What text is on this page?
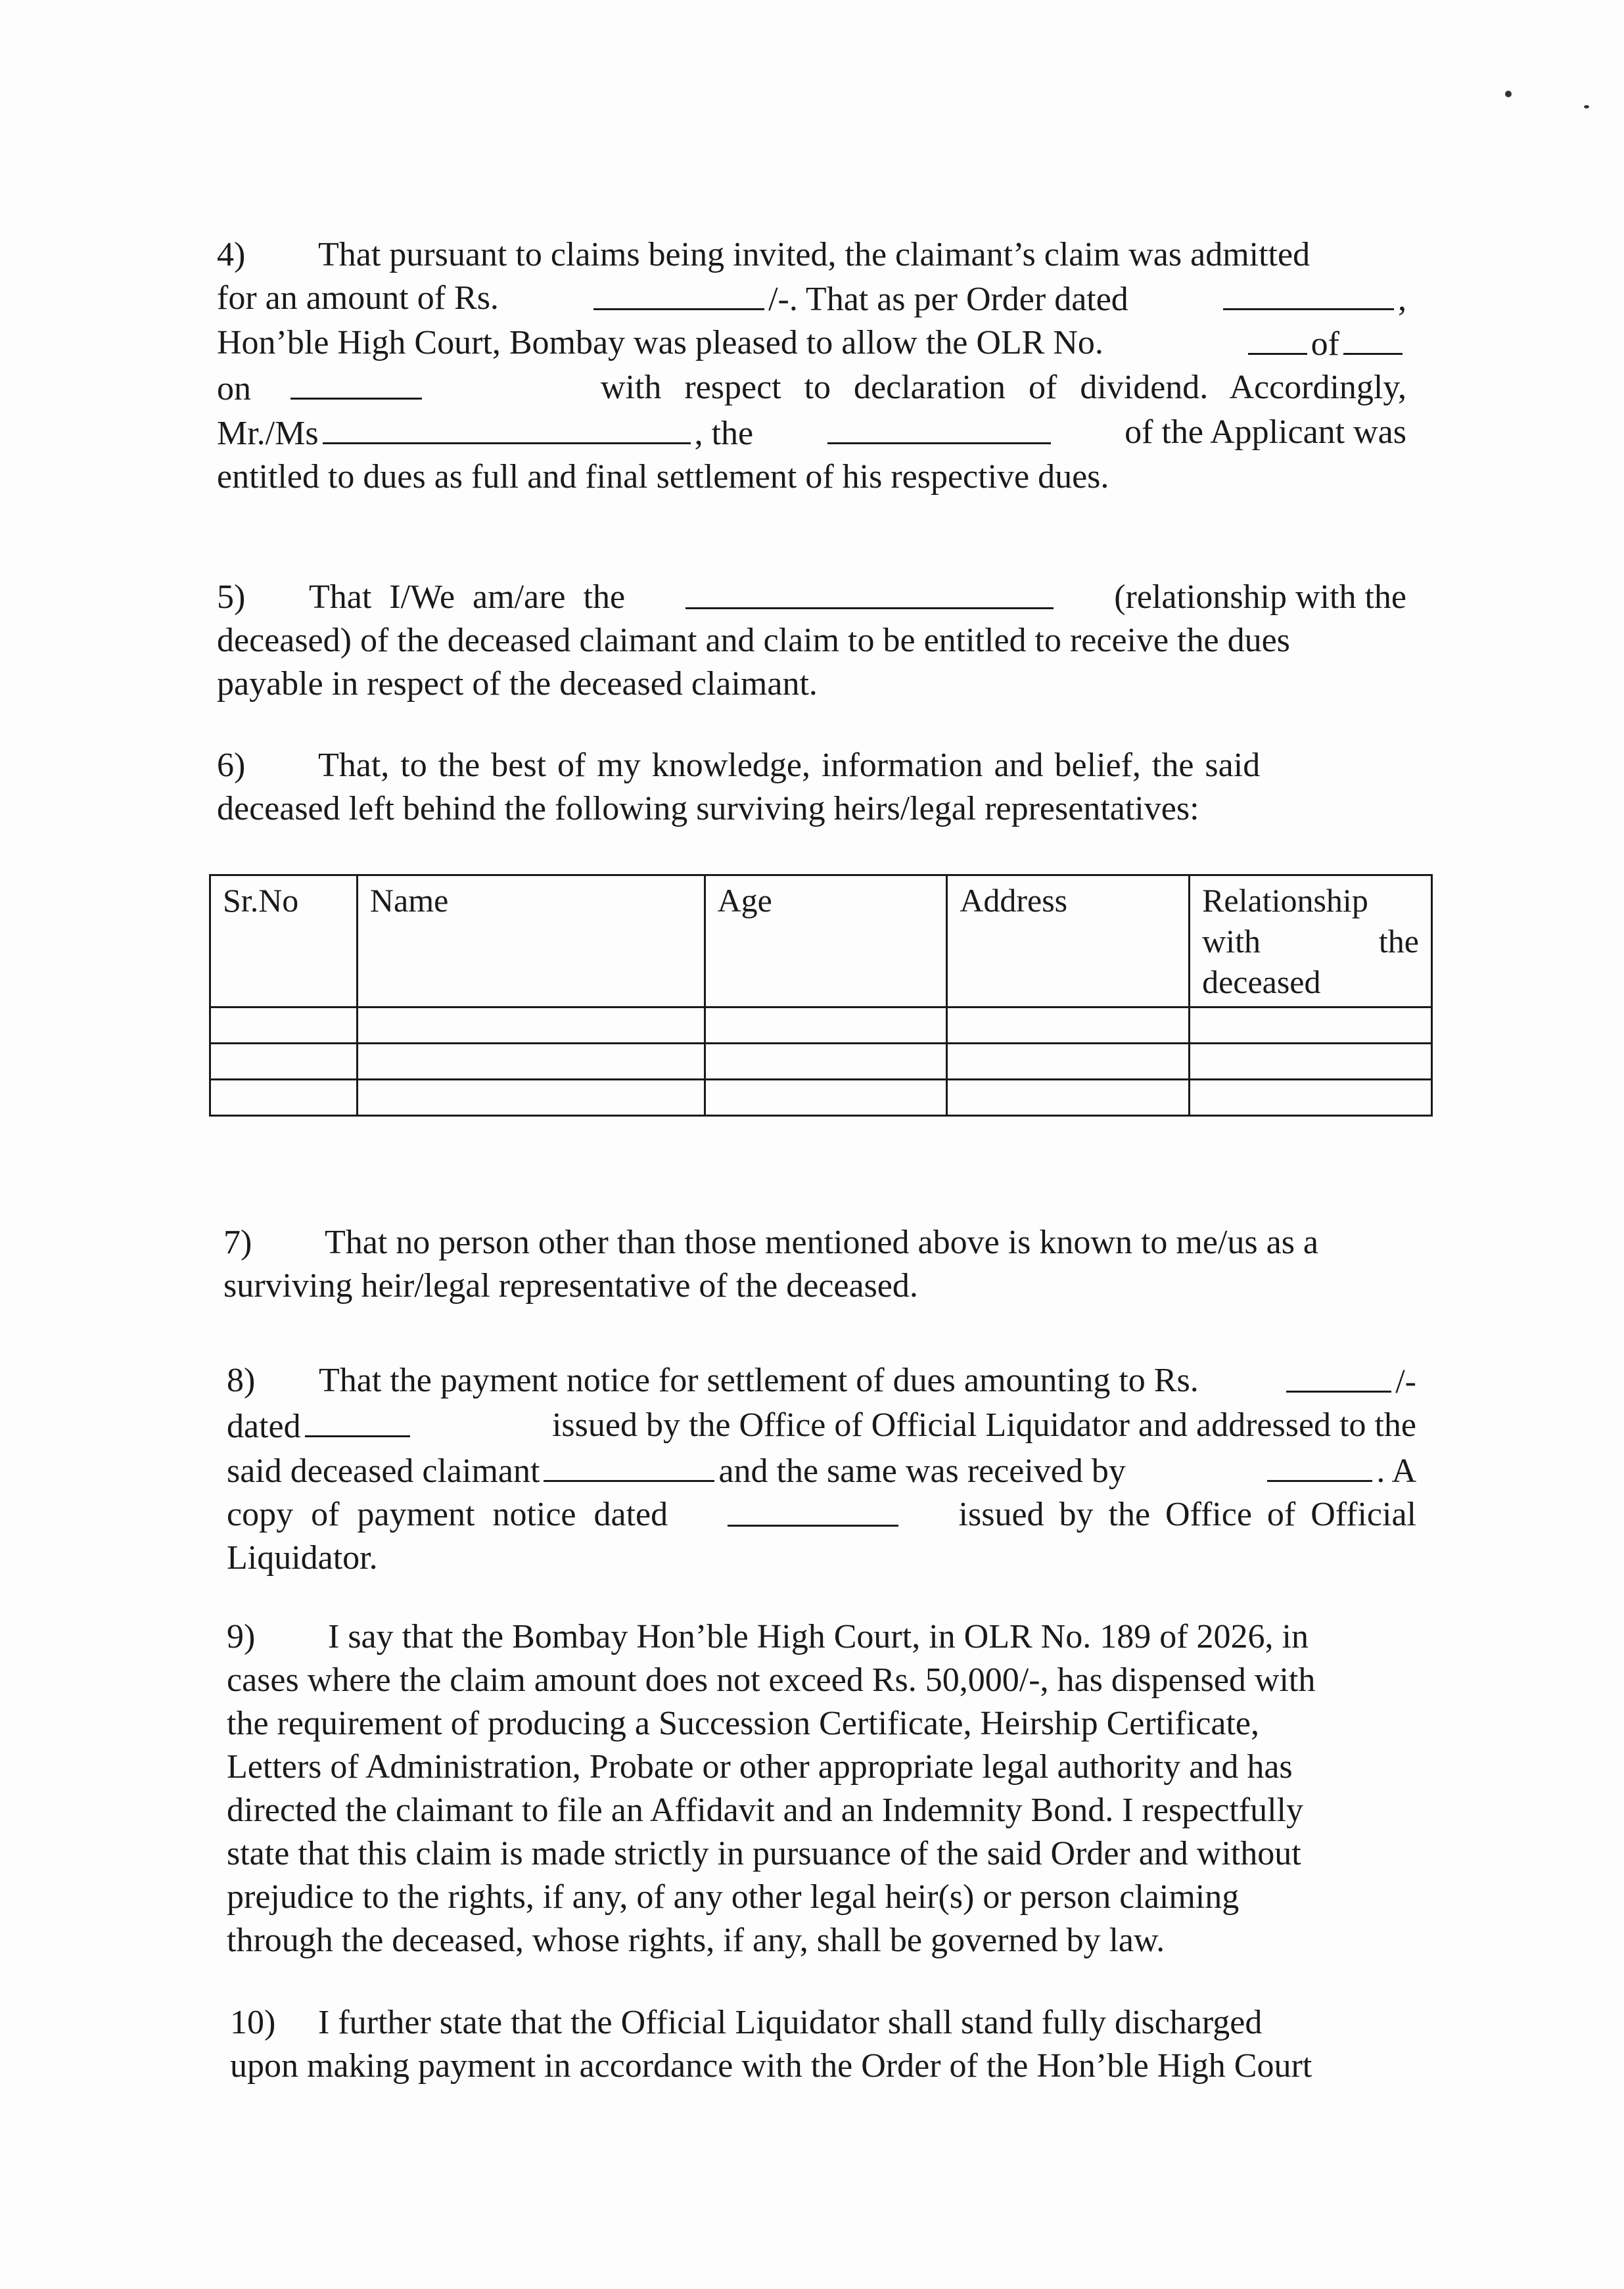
4)	That pursuant to claims being invited, the claimant’s claim was admitted
for an amount of Rs.	/-. That as per Order dated	,
Hon’ble High Court, Bombay was pleased to allow the OLR No.	of
on	with respect to declaration of dividend. Accordingly,
Mr./Ms	, the	of the Applicant was
entitled to dues as full and final settlement of his respective dues.
5) That I/We am/are the	(relationship with the
deceased) of the deceased claimant and claim to be entitled to receive the dues
payable in respect of the deceased claimant.
6)	That, to the best of my knowledge, information and belief, the said
deceased left behind the following surviving heirs/legal representatives:
Sr.No	Name	Age	Address	Relationship
with the
deceased

7)	That no person other than those mentioned above is known to me/us as a
surviving heir/legal representative of the deceased.
8) That the payment notice for settlement of dues amounting to Rs.	/-
dated	issued by the Office of Official Liquidator and addressed to the
said deceased claimant	and the same was received by	. A
copy of payment notice dated	issued by the Office of Official
Liquidator.
9)	I say that the Bombay Hon’ble High Court, in OLR No. 189 of 2026, in
cases where the claim amount does not exceed Rs. 50,000/-, has dispensed with
the requirement of producing a Succession Certificate, Heirship Certificate,
Letters of Administration, Probate or other appropriate legal authority and has
directed the claimant to file an Affidavit and an Indemnity Bond. I respectfully
state that this claim is made strictly in pursuance of the said Order and without
prejudice to the rights, if any, of any other legal heir(s) or person claiming
through the deceased, whose rights, if any, shall be governed by law.
10)	I further state that the Official Liquidator shall stand fully discharged
upon making payment in accordance with the Order of the Hon’ble High Court
